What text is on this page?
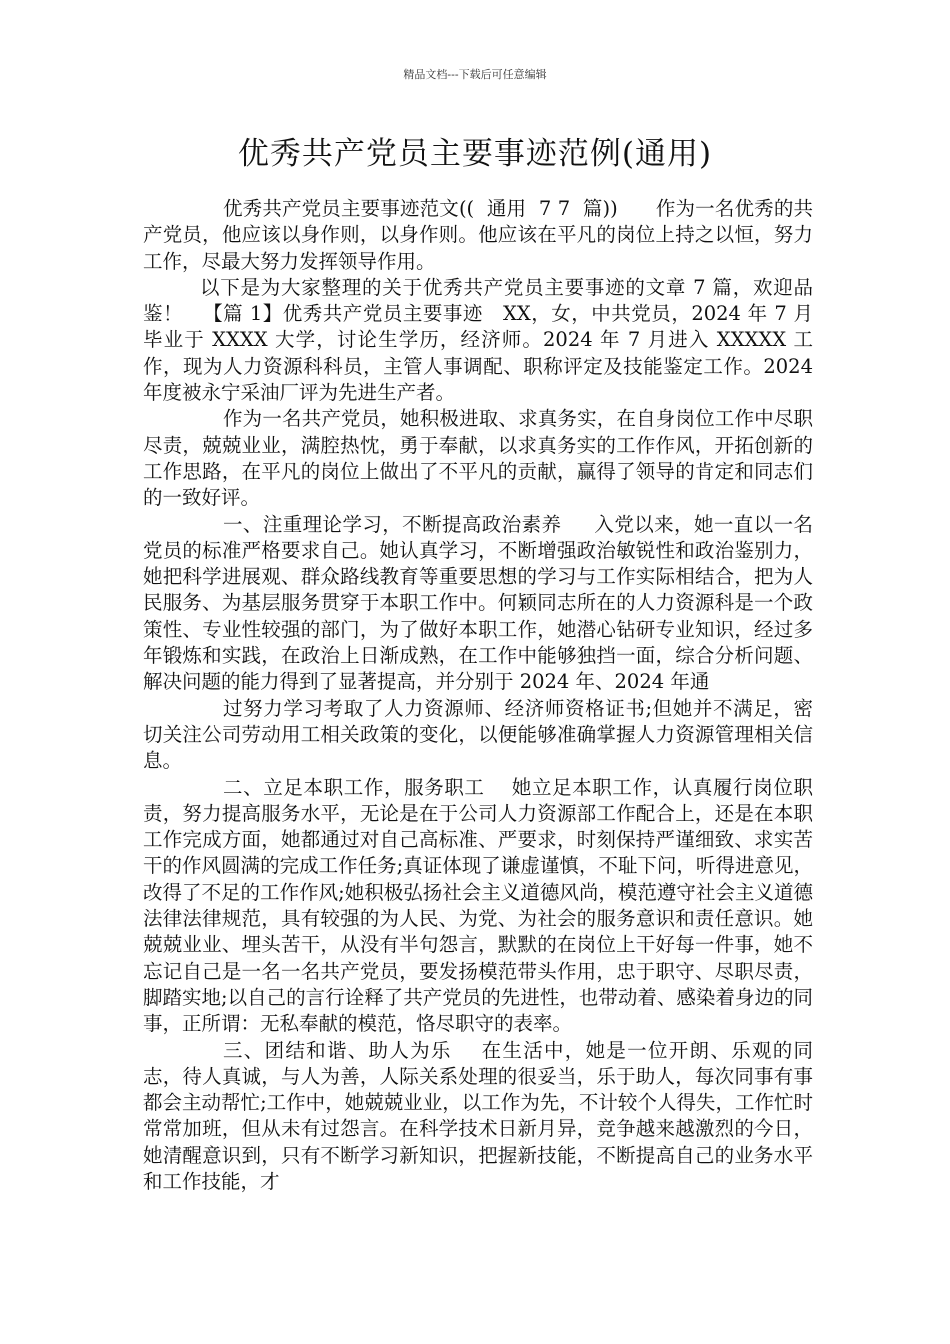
精品文档---下载后可任意编辑
优秀共产党员主要事迹范例(通用)

优秀共产党员主要事迹范文((  通用  7 7  篇))      作为一名优秀的共产党员，他应该以身作则，以身作则。他应该在平凡的岗位上持之以恒，努力工作，尽最大努力发挥领导作用。

以下是为大家整理的关于优秀共产党员主要事迹的文章 7 篇，欢迎品鉴！   【篇 1】优秀共产党员主要事迹   XX，女，中共党员，2024 年 7 月毕业于 XXXX 大学，讨论生学历，经济师。2024 年 7 月进入 XXXXX 工作，现为人力资源科科员，主管人事调配、职称评定及技能鉴定工作。2024 年度被永宁采油厂评为先进生产者。

作为一名共产党员，她积极进取、求真务实，在自身岗位工作中尽职尽责，兢兢业业，满腔热忱，勇于奉献，以求真务实的工作作风，开拓创新的工作思路，在平凡的岗位上做出了不平凡的贡献，赢得了领导的肯定和同志们的一致好评。

一、注重理论学习，不断提高政治素养     入党以来，她一直以一名党员的标准严格要求自己。她认真学习，不断增强政治敏锐性和政治鉴别力，她把科学进展观、群众路线教育等重要思想的学习与工作实际相结合，把为人民服务、为基层服务贯穿于本职工作中。何颖同志所在的人力资源科是一个政策性、专业性较强的部门，为了做好本职工作，她潜心钻研专业知识，经过多年锻炼和实践，在政治上日渐成熟，在工作中能够独挡一面，综合分析问题、解决问题的能力得到了显著提高，并分别于 2024 年、2024 年通

过努力学习考取了人力资源师、经济师资格证书;但她并不满足，密切关注公司劳动用工相关政策的变化，以便能够准确掌握人力资源管理相关信息。

二、立足本职工作，服务职工    她立足本职工作，认真履行岗位职责，努力提高服务水平，无论是在于公司人力资源部工作配合上，还是在本职工作完成方面，她都通过对自己高标准、严要求，时刻保持严谨细致、求实苦干的作风圆满的完成工作任务;真证体现了谦虚谨慎，不耻下问，听得进意见，改得了不足的工作作风;她积极弘扬社会主义道德风尚，模范遵守社会主义道德法律法律规范，具有较强的为人民、为党、为社会的服务意识和责任意识。她兢兢业业、埋头苦干，从没有半句怨言，默默的在岗位上干好每一件事，她不忘记自己是一名一名共产党员，要发扬模范带头作用，忠于职守、尽职尽责，脚踏实地;以自己的言行诠释了共产党员的先进性，也带动着、感染着身边的同事，正所谓：无私奉献的模范，恪尽职守的表率。

三、团结和谐、助人为乐    在生活中，她是一位开朗、乐观的同志，待人真诚，与人为善，人际关系处理的很妥当，乐于助人，每次同事有事都会主动帮忙;工作中，她兢兢业业，以工作为先，不计较个人得失，工作忙时常常加班，但从未有过怨言。在科学技术日新月异，竞争越来越激烈的今日，她清醒意识到，只有不断学习新知识，把握新技能，不断提高自己的业务水平和工作技能，才
